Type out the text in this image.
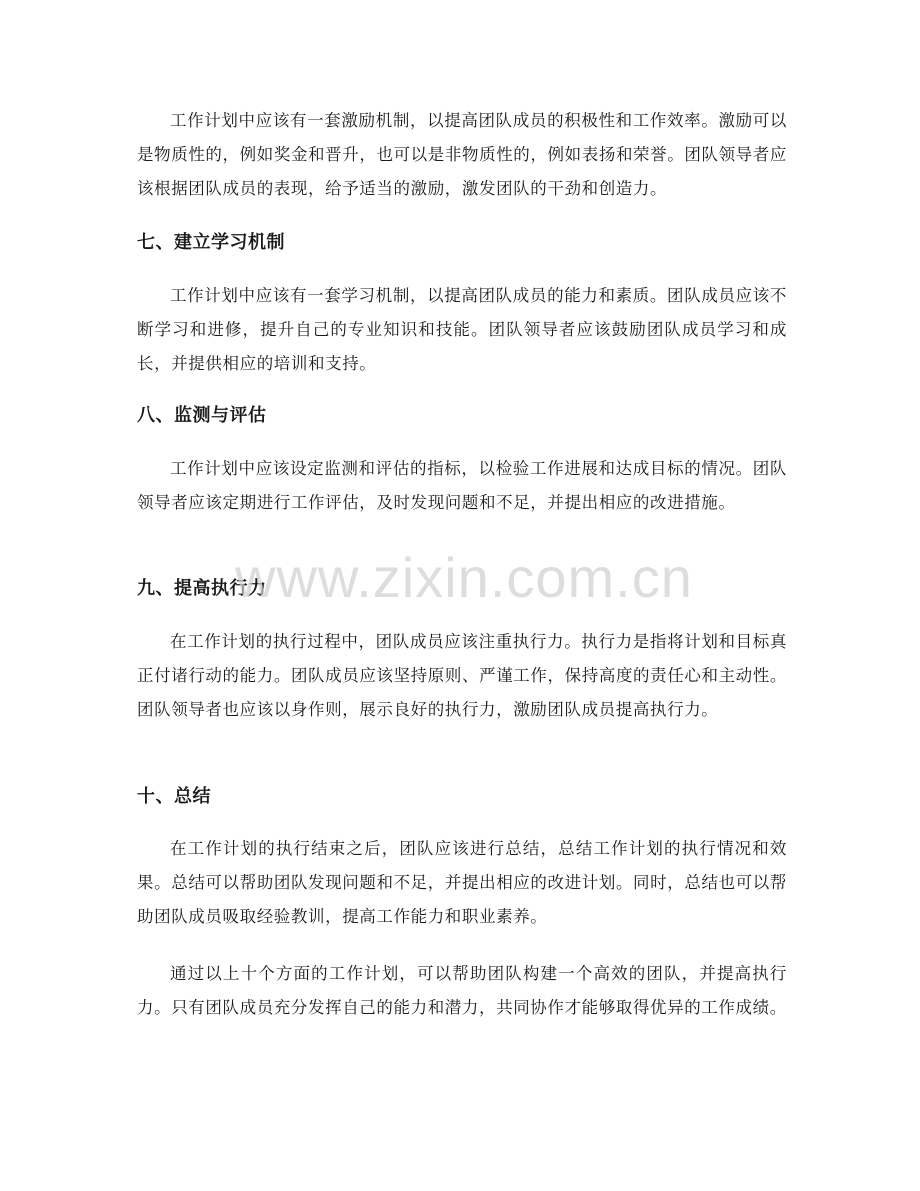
工作计划中应该有一套激励机制，以提高团队成员的积极性和工作效率。激励可以是物质性的，例如奖金和晋升，也可以是非物质性的，例如表扬和荣誉。团队领导者应该根据团队成员的表现，给予适当的激励，激发团队的干劲和创造力。

七、建立学习机制

工作计划中应该有一套学习机制，以提高团队成员的能力和素质。团队成员应该不断学习和进修，提升自己的专业知识和技能。团队领导者应该鼓励团队成员学习和成长，并提供相应的培训和支持。

八、监测与评估

工作计划中应该设定监测和评估的指标，以检验工作进展和达成目标的情况。团队领导者应该定期进行工作评估，及时发现问题和不足，并提出相应的改进措施。

九、提高执行力

在工作计划的执行过程中，团队成员应该注重执行力。执行力是指将计划和目标真正付诸行动的能力。团队成员应该坚持原则、严谨工作，保持高度的责任心和主动性。团队领导者也应该以身作则，展示良好的执行力，激励团队成员提高执行力。

十、总结

在工作计划的执行结束之后，团队应该进行总结，总结工作计划的执行情况和效果。总结可以帮助团队发现问题和不足，并提出相应的改进计划。同时，总结也可以帮助团队成员吸取经验教训，提高工作能力和职业素养。

通过以上十个方面的工作计划，可以帮助团队构建一个高效的团队，并提高执行力。只有团队成员充分发挥自己的能力和潜力，共同协作才能够取得优异的工作成绩。

www.zixin.com.cn
